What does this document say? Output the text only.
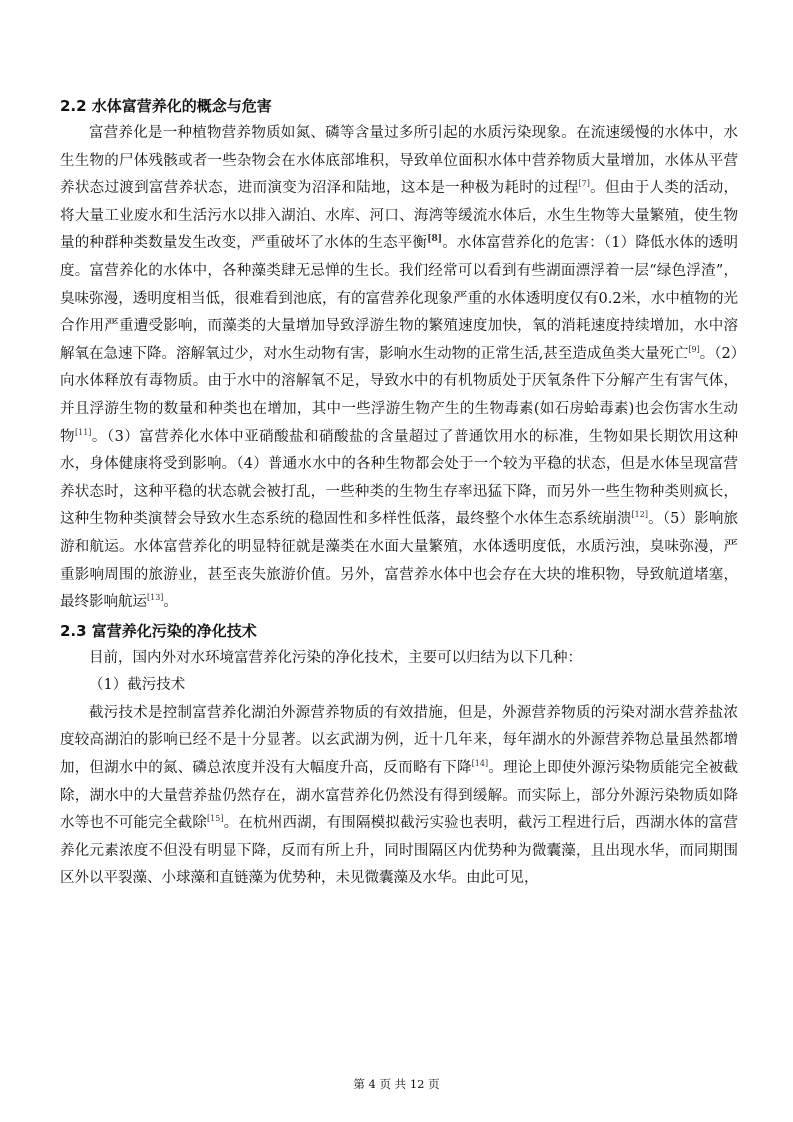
2.2 水体富营养化的概念与危害

富营养化是一种植物营养物质如氮、磷等含量过多所引起的水质污染现象。在流速缓慢的水体中，水生生物的尸体残骸或者一些杂物会在水体底部堆积，导致单位面积水体中营养物质大量增加，水体从平营养状态过渡到富营养状态，进而演变为沼泽和陆地，这本是一种极为耗时的过程[7]。但由于人类的活动，将大量工业废水和生活污水以排入湖泊、水库、河口、海湾等缓流水体后，水生生物等大量繁殖，使生物量的种群种类数量发生改变，严重破坏了水体的生态平衡[8]。水体富营养化的危害：（1）降低水体的透明度。富营养化的水体中，各种藻类肆无忌惮的生长。我们经常可以看到有些湖面漂浮着一层“绿色浮渣”，臭味弥漫，透明度相当低，很难看到池底，有的富营养化现象严重的水体透明度仅有0.2米，水中植物的光合作用严重遭受影响，而藻类的大量增加导致浮游生物的繁殖速度加快，氧的消耗速度持续增加，水中溶解氧在急速下降。溶解氧过少，对水生动物有害，影响水生动物的正常生活,甚至造成鱼类大量死亡[9]。（2）向水体释放有毒物质。由于水中的溶解氧不足，导致水中的有机物质处于厌氧条件下分解产生有害气体，并且浮游生物的数量和种类也在增加，其中一些浮游生物产生的生物毒素(如石房蛤毒素)也会伤害水生动物[11]。（3）富营养化水体中亚硝酸盐和硝酸盐的含量超过了普通饮用水的标准，生物如果长期饮用这种水，身体健康将受到影响。（4）普通水水中的各种生物都会处于一个较为平稳的状态，但是水体呈现富营养状态时，这种平稳的状态就会被打乱，一些种类的生物生存率迅猛下降，而另外一些生物种类则疯长，这种生物种类演替会导致水生态系统的稳固性和多样性低落，最终整个水体生态系统崩溃[12]。（5）影响旅游和航运。水体富营养化的明显特征就是藻类在水面大量繁殖，水体透明度低，水质污浊，臭味弥漫，严重影响周围的旅游业，甚至丧失旅游价值。另外，富营养水体中也会存在大块的堆积物，导致航道堵塞，最终影响航运[13]。

2.3 富营养化污染的净化技术

目前，国内外对水环境富营养化污染的净化技术，主要可以归结为以下几种：

（1）截污技术

截污技术是控制富营养化湖泊外源营养物质的有效措施，但是，外源营养物质的污染对湖水营养盐浓度较高湖泊的影响已经不是十分显著。以玄武湖为例，近十几年来，每年湖水的外源营养物总量虽然都增加，但湖水中的氮、磷总浓度并没有大幅度升高，反而略有下降[14]。理论上即使外源污染物质能完全被截除，湖水中的大量营养盐仍然存在，湖水富营养化仍然没有得到缓解。而实际上，部分外源污染物质如降水等也不可能完全截除[15]。在杭州西湖，有围隔模拟截污实验也表明，截污工程进行后，西湖水体的富营养化元素浓度不但没有明显下降，反而有所上升，同时围隔区内优势种为微囊藻，且出现水华，而同期围区外以平裂藻、小球藻和直链藻为优势种，未见微囊藻及水华。由此可见，

第 4 页 共 12 页
